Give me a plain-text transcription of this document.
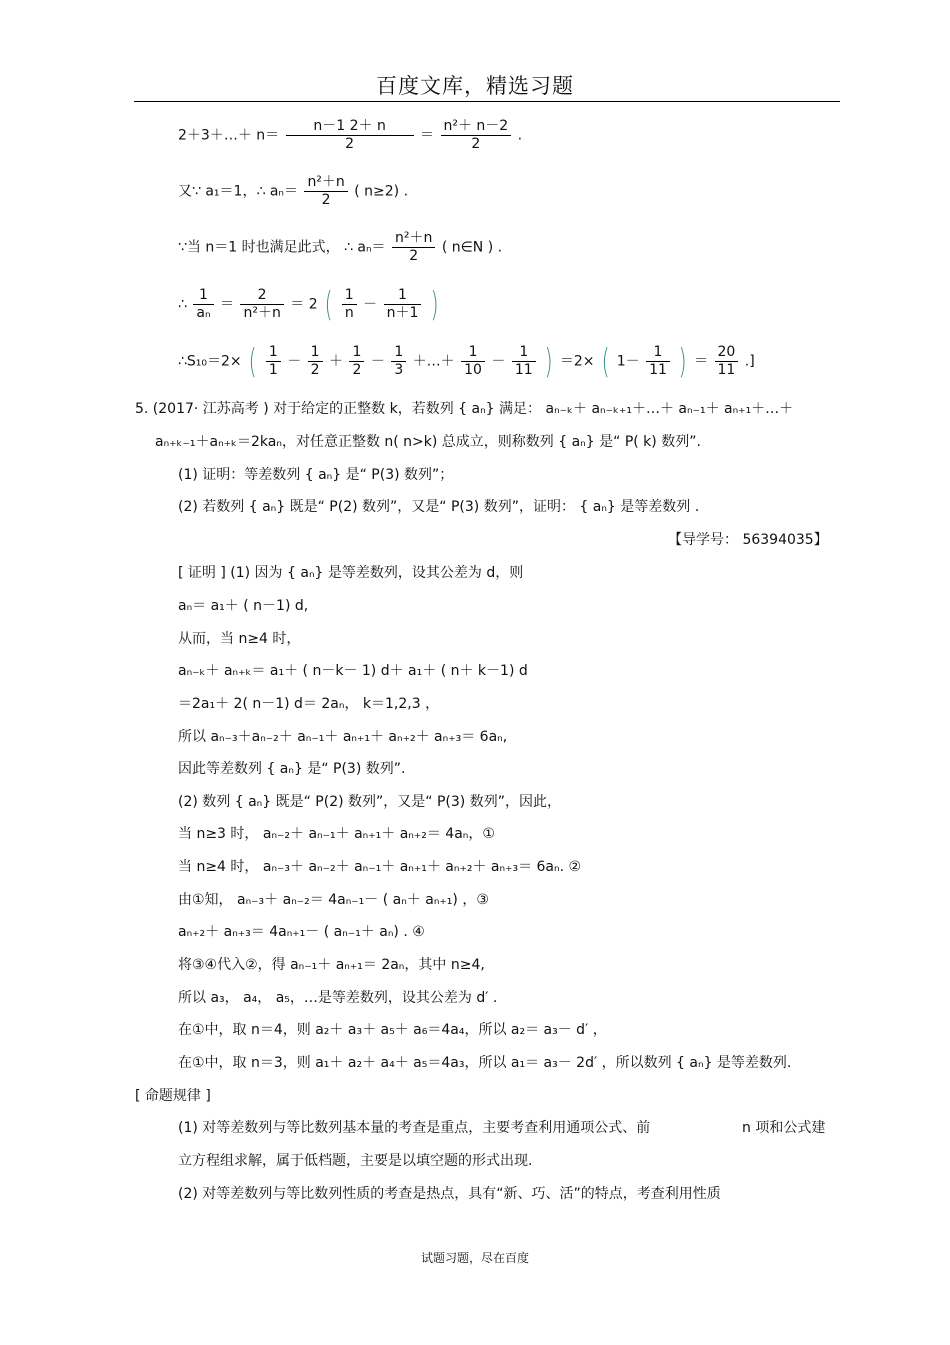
百度文库，精选习题
2＋3＋…＋ $n= \frac{n-1 2+ n}{2} = \frac{\text{n²＋ n－2}}{2}$ .
又∵ a₁＝1，∴ $a_n= \frac{\text{n²＋n}}{2}$ ( n≥2) .
∵当 n＝1 时也满足此式， ∴ $a_n= \frac{\text{n²＋n}}{2}$ ( n∈N ) .
∴ $\frac{1}{\text{aₙ}} = \frac{2}{\text{n²＋n}} = 2$ ( $\frac{1}{n} - \frac{1}{n+1}$ )
∴S₁₀＝2× ( $\frac{1}{1} - \frac{1}{2} + \frac{1}{2} - \frac{1}{3}$ ＋…＋ $\frac{1}{10} - \frac{1}{11}$ ) ＝2× ( $1- \frac{1}{11}$ ) ＝ $\frac{20}{11}$ .]
5. (2017· 江苏高考 ) 对于给定的正整数 k，若数列 { aₙ} 满足： aₙ₋ₖ＋ aₙ₋ₖ₊₁＋…＋ aₙ₋₁＋ aₙ₊₁＋…＋
aₙ₊ₖ₋₁＋aₙ₊ₖ＝2kaₙ，对任意正整数 n( n>k) 总成立，则称数列 { aₙ} 是“ P( k) 数列”.
(1) 证明：等差数列 { aₙ} 是“ P(3) 数列”；
(2) 若数列 { aₙ} 既是“ P(2) 数列”，又是“ P(3) 数列”，证明： { aₙ} 是等差数列 .
【导学号： 56394035】
[ 证明 ] (1) 因为 { aₙ} 是等差数列，设其公差为 d，则
aₙ＝ a₁＋ ( n－1) d,
从而，当 n≥4 时，
aₙ₋ₖ＋ aₙ₊ₖ＝ a₁＋ ( n－k－ 1) d＋ a₁＋ ( n＋ k－1) d
＝2a₁＋ 2( n－1) d＝ 2aₙ， k＝1,2,3 ，
所以 aₙ₋₃＋aₙ₋₂＋ aₙ₋₁＋ aₙ₊₁＋ aₙ₊₂＋ aₙ₊₃＝ 6aₙ,
因此等差数列 { aₙ} 是“ P(3) 数列”.
(2) 数列 { aₙ} 既是“ P(2) 数列”，又是“ P(3) 数列”，因此，
当 n≥3 时， aₙ₋₂＋ aₙ₋₁＋ aₙ₊₁＋ aₙ₊₂＝ 4aₙ，①
当 n≥4 时， aₙ₋₃＋ aₙ₋₂＋ aₙ₋₁＋ aₙ₊₁＋ aₙ₊₂＋ aₙ₊₃＝ 6aₙ. ②
由①知， aₙ₋₃＋ aₙ₋₂＝ 4aₙ₋₁－ ( aₙ＋ aₙ₊₁) ，③
aₙ₊₂＋ aₙ₊₃＝ 4aₙ₊₁－ ( aₙ₋₁＋ aₙ) . ④
将③④代入②，得 aₙ₋₁＋ aₙ₊₁＝ 2aₙ，其中 n≥4,
所以 a₃， a₄， a₅，…是等差数列，设其公差为 d′ .
在①中，取 n＝4，则 a₂＋ a₃＋ a₅＋ a₆＝4a₄，所以 a₂＝ a₃－ d′ ，
在①中，取 n＝3，则 a₁＋ a₂＋ a₄＋ a₅＝4a₃，所以 a₁＝ a₃－ 2d′ ，所以数列 { aₙ} 是等差数列.
[ 命题规律 ]
(1) 对等差数列与等比数列基本量的考查是重点，主要考查利用通项公式、前	n 项和公式建
立方程组求解，属于低档题，主要是以填空题的形式出现.
(2) 对等差数列与等比数列性质的考查是热点，具有“新、巧、活”的特点，考查利用性质
试题习题，尽在百度
